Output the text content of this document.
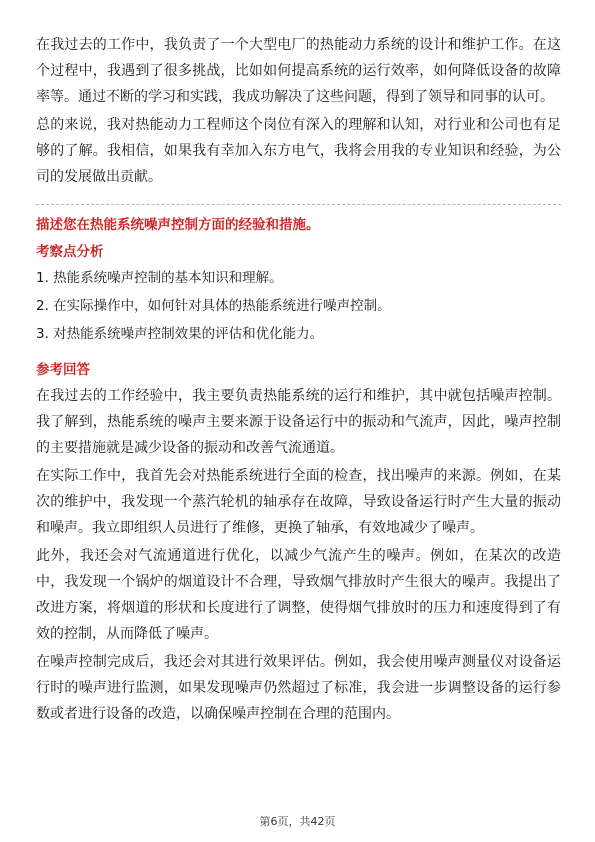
在我过去的工作中，我负责了一个大型电厂的热能动力系统的设计和维护工作。在这个过程中，我遇到了很多挑战，比如如何提高系统的运行效率，如何降低设备的故障率等。通过不断的学习和实践，我成功解决了这些问题，得到了领导和同事的认可。

总的来说，我对热能动力工程师这个岗位有深入的理解和认知，对行业和公司也有足够的了解。我相信，如果我有幸加入东方电气，我将会用我的专业知识和经验，为公司的发展做出贡献。

描述您在热能系统噪声控制方面的经验和措施。

考察点分析

1. 热能系统噪声控制的基本知识和理解。

2. 在实际操作中，如何针对具体的热能系统进行噪声控制。

3. 对热能系统噪声控制效果的评估和优化能力。

参考回答

在我过去的工作经验中，我主要负责热能系统的运行和维护，其中就包括噪声控制。我了解到，热能系统的噪声主要来源于设备运行中的振动和气流声，因此，噪声控制的主要措施就是减少设备的振动和改善气流通道。

在实际工作中，我首先会对热能系统进行全面的检查，找出噪声的来源。例如，在某次的维护中，我发现一个蒸汽轮机的轴承存在故障，导致设备运行时产生大量的振动和噪声。我立即组织人员进行了维修，更换了轴承，有效地减少了噪声。

此外，我还会对气流通道进行优化，以减少气流产生的噪声。例如，在某次的改造中，我发现一个锅炉的烟道设计不合理，导致烟气排放时产生很大的噪声。我提出了改进方案，将烟道的形状和长度进行了调整，使得烟气排放时的压力和速度得到了有效的控制，从而降低了噪声。

在噪声控制完成后，我还会对其进行效果评估。例如，我会使用噪声测量仪对设备运行时的噪声进行监测，如果发现噪声仍然超过了标准，我会进一步调整设备的运行参数或者进行设备的改造，以确保噪声控制在合理的范围内。

第6页，共42页
